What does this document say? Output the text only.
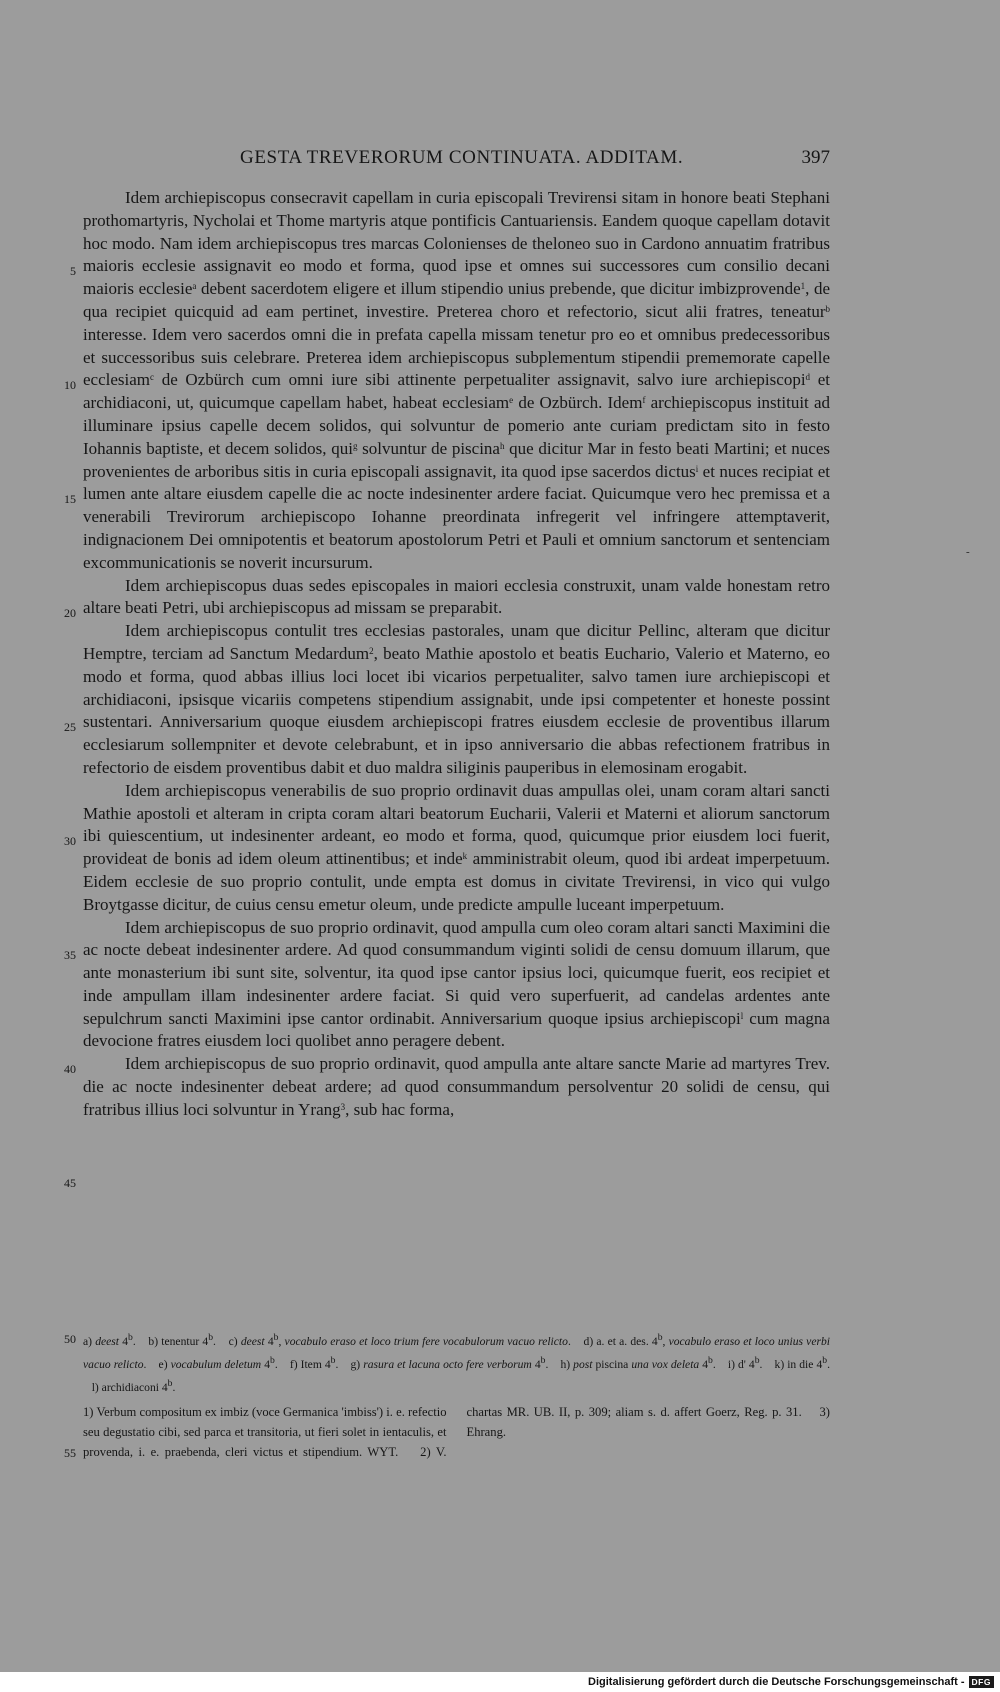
GESTA TREVERORUM CONTINUATA. ADDITAM.	397

Idem archiepiscopus consecravit capellam in curia episcopali Trevirensi sitam in honore beati Stephani prothomartyris, Nycholai et Thome martyris atque pontificis Cantuariensis. Eandem quoque capellam dotavit hoc modo. Nam idem archiepiscopus tres marcas Colonienses de theloneo suo in Cardono annuatim fratribus maioris ecclesie assignavit eo modo et forma, quod ipse et omnes sui successores cum consilio decani maioris ecclesie$^a$ debent sacerdotem eligere et illum stipendio unius prebende, que dicitur imbizprovende$^1$, de qua recipiet quicquid ad eam pertinet, investire. Preterea choro et refectorio, sicut alii fratres, teneatur$^b$ interesse. Idem vero sacerdos omni die in prefata capella missam tenetur pro eo et omnibus predecessoribus et successoribus suis celebrare. Preterea idem archiepiscopus subplementum stipendii prememorate capelle ecclesiam$^c$ de Ozbürch cum omni iure sibi attinente perpetualiter assignavit, salvo iure archiepiscopi$^d$ et archidiaconi, ut, quicumque capellam habet, habeat ecclesiam$^e$ de Ozbürch. Idem$^f$ archiepiscopus instituit ad illuminare ipsius capelle decem solidos, qui solvuntur de pomerio ante curiam predictam sito in festo Iohannis baptiste, et decem solidos, qui$^g$ solvuntur de piscina$^h$ que dicitur Mar in festo beati Martini; et nuces provenientes de arboribus sitis in curia episcopali assignavit, ita quod ipse sacerdos dictus$^i$ et nuces recipiat et lumen ante altare eiusdem capelle die ac nocte indesinenter ardere faciat. Quicumque vero hec premissa et a venerabili Trevirorum archiepiscopo Iohanne preordinata infregerit vel infringere attemptaverit, indignacionem Dei omnipotentis et beatorum apostolorum Petri et Pauli et omnium sanctorum et sentenciam excommunicationis se noverit incursurum.

Idem archiepiscopus duas sedes episcopales in maiori ecclesia construxit, unam valde honestam retro altare beati Petri, ubi archiepiscopus ad missam se preparabit.

Idem archiepiscopus contulit tres ecclesias pastorales, unam que dicitur Pellinc, alteram que dicitur Hemptre, terciam ad Sanctum Medardum$^2$, beato Mathie apostolo et beatis Euchario, Valerio et Materno, eo modo et forma, quod abbas illius loci locet ibi vicarios perpetualiter, salvo tamen iure archiepiscopi et archidiaconi, ipsisque vicariis competens stipendium assignabit, unde ipsi competenter et honeste possint sustentari. Anniversarium quoque eiusdem archiepiscopi fratres eiusdem ecclesie de proventibus illarum ecclesiarum sollempniter et devote celebrabunt, et in ipso anniversario die abbas refectionem fratribus in refectorio de eisdem proventibus dabit et duo maldra siliginis pauperibus in elemosinam erogabit.

Idem archiepiscopus venerabilis de suo proprio ordinavit duas ampullas olei, unam coram altari sancti Mathie apostoli et alteram in cripta coram altari beatorum Eucharii, Valerii et Materni et aliorum sanctorum ibi quiescentium, ut indesinenter ardeant, eo modo et forma, quod, quicumque prior eiusdem loci fuerit, provideat de bonis ad idem oleum attinentibus; et inde$^k$ amministrabit oleum, quod ibi ardeat imperpetuum. Eidem ecclesie de suo proprio contulit, unde empta est domus in civitate Trevirensi, in vico qui vulgo Broytgasse dicitur, de cuius censu emetur oleum, unde predicte ampulle luceant imperpetuum.

Idem archiepiscopus de suo proprio ordinavit, quod ampulla cum oleo coram altari sancti Maximini die ac nocte debeat indesinenter ardere. Ad quod consummandum viginti solidi de censu domuum illarum, que ante monasterium ibi sunt site, solventur, ita quod ipse cantor ipsius loci, quicumque fuerit, eos recipiet et inde ampullam illam indesinenter ardere faciat. Si quid vero superfuerit, ad candelas ardentes ante sepulchrum sancti Maximini ipse cantor ordinabit. Anniversarium quoque ipsius archiepiscopi$^l$ cum magna devocione fratres eiusdem loci quolibet anno peragere debent.

Idem archiepiscopus de suo proprio ordinavit, quod ampulla ante altare sancte Marie ad martyres Trev. die ac nocte indesinenter debeat ardere; ad quod consummandum persolventur 20 solidi de censu, qui fratribus illius loci solvuntur in Yrang$^3$, sub hac forma,

5
10
15
20
25
30
35
40
45
50
55
a) deest 4$^b$.    b) tenentur 4$^b$.    c) deest 4$^b$, vocabulo eraso et loco trium fere vocabulorum vacuo relicto.    d) a. et a. des. 4$^b$, vocabulo eraso et loco unius verbi vacuo relicto.    e) vocabulum deletum 4$^b$.    f) Item 4$^b$.    g) rasura et lacuna octo fere verborum 4$^b$.    h) post piscina una vox deleta 4$^b$.    i) d' 4$^b$.    k) in die 4$^b$.    l) archidiaconi 4$^b$.
1) Verbum compositum ex imbiz (voce Germanica 'imbiss') i. e. refectio seu degustatio cibi, sed parca et transitoria, ut fieri solet in ientaculis, et provenda, i. e. praebenda, cleri victus et stipendium. WYT.    2) V. chartas MR. UB. II, p. 309; aliam s. d. affert Goerz, Reg. p. 31.    3) Ehrang.
-
Digitalisierung gefördert durch die Deutsche Forschungsgemeinschaft - DFG
